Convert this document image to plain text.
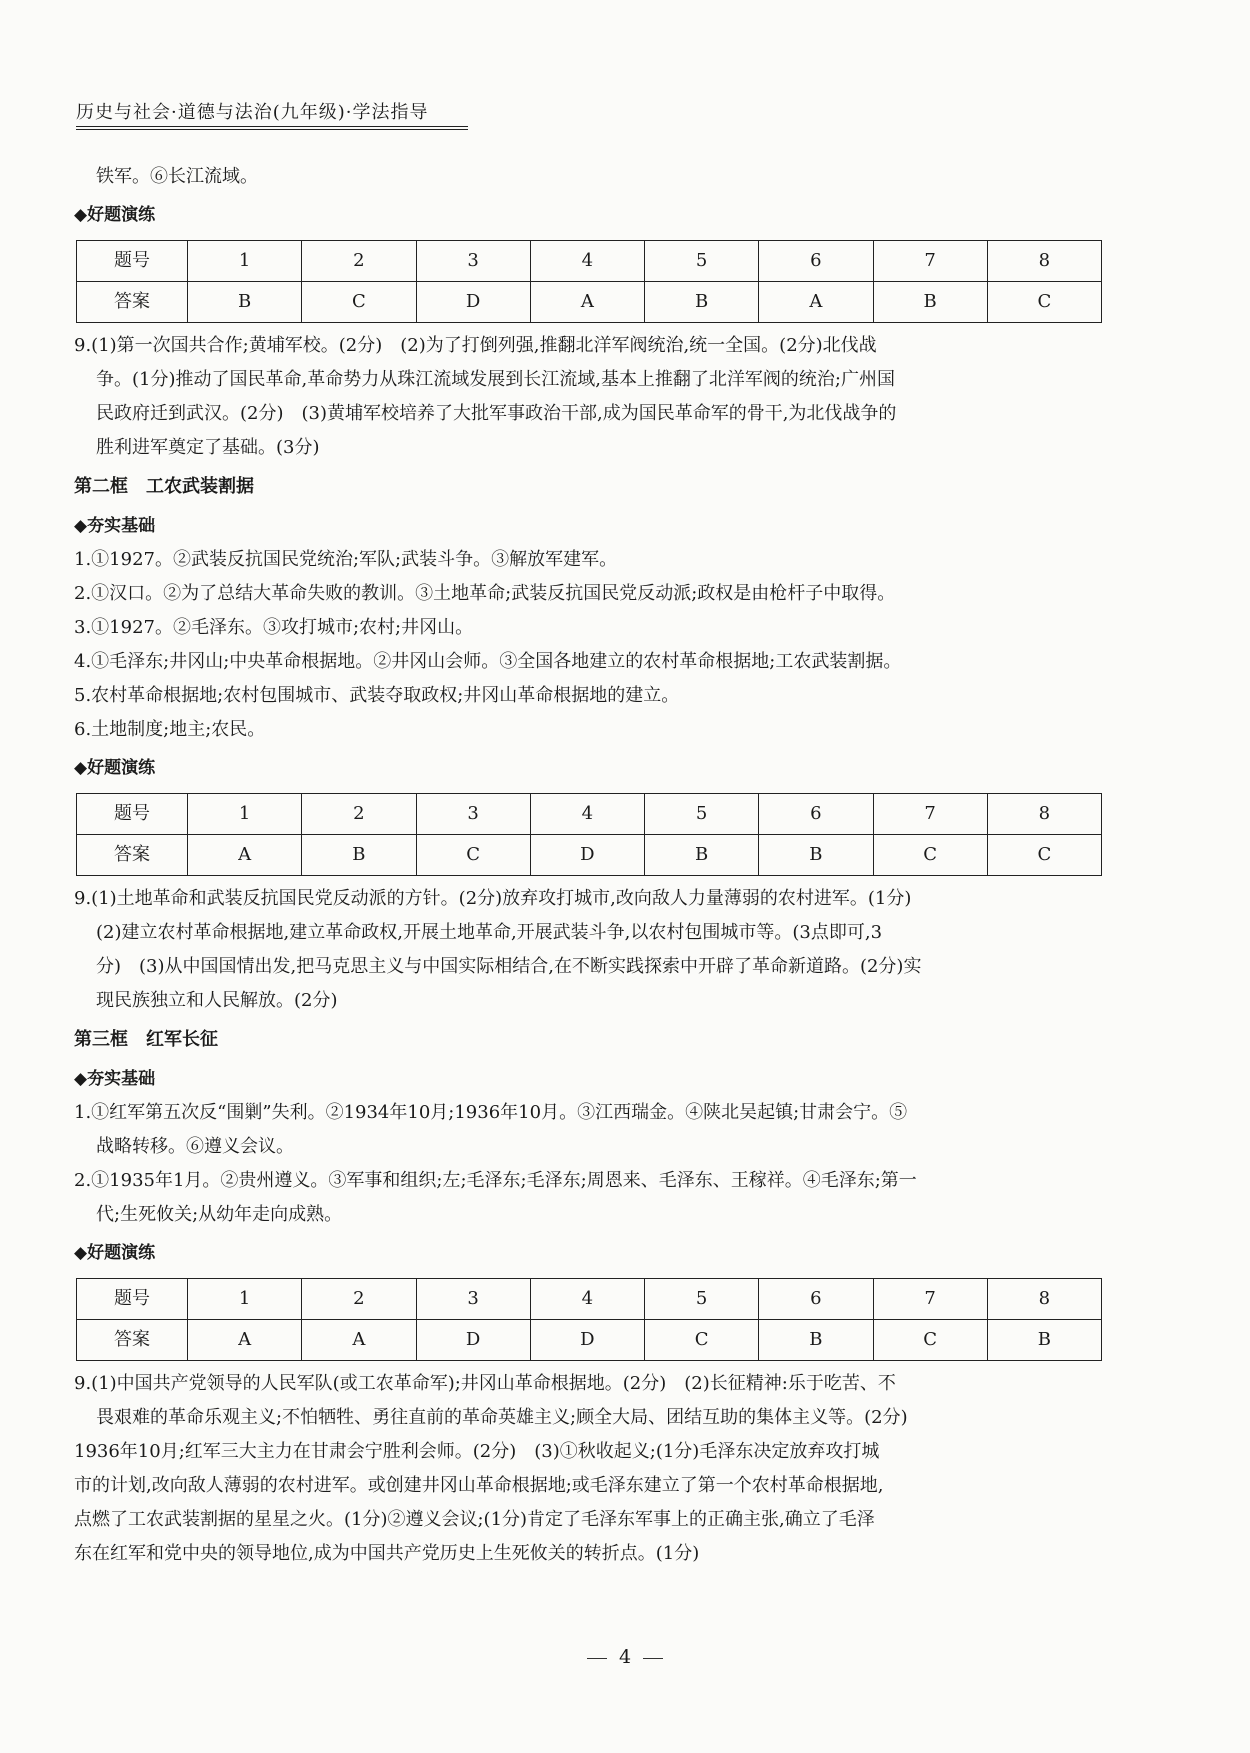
历史与社会·道德与法治(九年级)·学法指导

铁军。⑥长江流域。

◆好题演练

题号	1	2	3	4	5	6	7	8
答案	B	C	D	A	B	A	B	C

9.(1)第一次国共合作;黄埔军校。(2分)　(2)为了打倒列强,推翻北洋军阀统治,统一全国。(2分)北伐战

争。(1分)推动了国民革命,革命势力从珠江流域发展到长江流域,基本上推翻了北洋军阀的统治;广州国

民政府迁到武汉。(2分)　(3)黄埔军校培养了大批军事政治干部,成为国民革命军的骨干,为北伐战争的

胜利进军奠定了基础。(3分)

第二框　工农武装割据

◆夯实基础

1.①1927。②武装反抗国民党统治;军队;武装斗争。③解放军建军。

2.①汉口。②为了总结大革命失败的教训。③土地革命;武装反抗国民党反动派;政权是由枪杆子中取得。

3.①1927。②毛泽东。③攻打城市;农村;井冈山。

4.①毛泽东;井冈山;中央革命根据地。②井冈山会师。③全国各地建立的农村革命根据地;工农武装割据。

5.农村革命根据地;农村包围城市、武装夺取政权;井冈山革命根据地的建立。

6.土地制度;地主;农民。

◆好题演练

题号	1	2	3	4	5	6	7	8
答案	A	B	C	D	B	B	C	C

9.(1)土地革命和武装反抗国民党反动派的方针。(2分)放弃攻打城市,改向敌人力量薄弱的农村进军。(1分)

(2)建立农村革命根据地,建立革命政权,开展土地革命,开展武装斗争,以农村包围城市等。(3点即可,3

分)　(3)从中国国情出发,把马克思主义与中国实际相结合,在不断实践探索中开辟了革命新道路。(2分)实

现民族独立和人民解放。(2分)

第三框　红军长征

◆夯实基础

1.①红军第五次反“围剿”失利。②1934年10月;1936年10月。③江西瑞金。④陕北吴起镇;甘肃会宁。⑤

战略转移。⑥遵义会议。

2.①1935年1月。②贵州遵义。③军事和组织;左;毛泽东;毛泽东;周恩来、毛泽东、王稼祥。④毛泽东;第一

代;生死攸关;从幼年走向成熟。

◆好题演练

题号	1	2	3	4	5	6	7	8
答案	A	A	D	D	C	B	C	B

9.(1)中国共产党领导的人民军队(或工农革命军);井冈山革命根据地。(2分)　(2)长征精神:乐于吃苦、不

畏艰难的革命乐观主义;不怕牺牲、勇往直前的革命英雄主义;顾全大局、团结互助的集体主义等。(2分)

1936年10月;红军三大主力在甘肃会宁胜利会师。(2分)　(3)①秋收起义;(1分)毛泽东决定放弃攻打城

市的计划,改向敌人薄弱的农村进军。或创建井冈山革命根据地;或毛泽东建立了第一个农村革命根据地,

点燃了工农武装割据的星星之火。(1分)②遵义会议;(1分)肯定了毛泽东军事上的正确主张,确立了毛泽

东在红军和党中央的领导地位,成为中国共产党历史上生死攸关的转折点。(1分)

4
